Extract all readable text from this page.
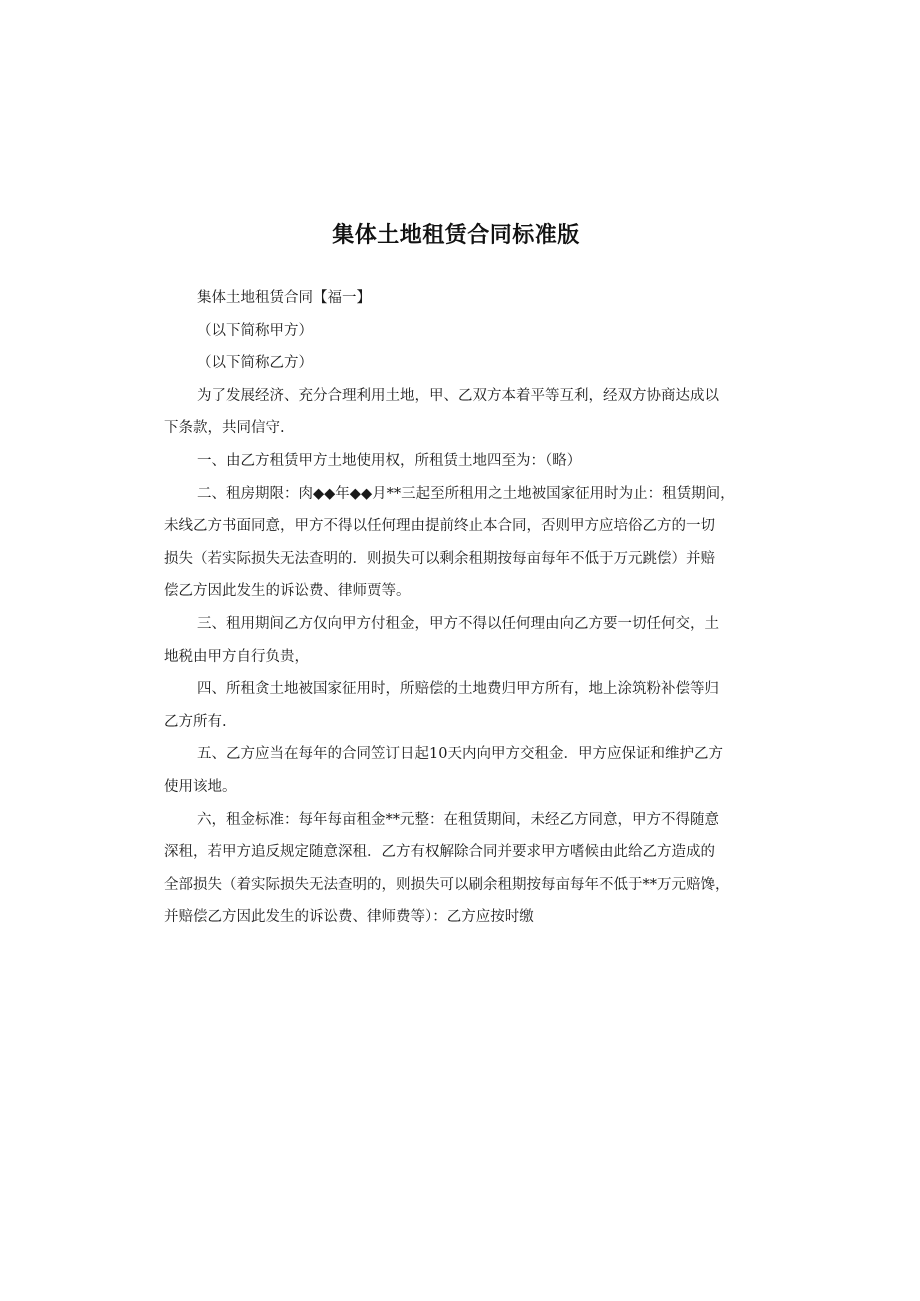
集体土地租赁合同标准版
集体土地租赁合同【福一】
（以下简称甲方）
（以下简称乙方）
为了发展经济、充分合理利用土地，甲、乙双方本着平等互利，经双方协商达成以
下条款，共同信守.
一、由乙方租赁甲方土地使用权，所租赁土地四至为：（略）
二、租房期限：肉◆◆年◆◆月**三起至所租用之土地被国家征用时为止：租赁期间，
未线乙方书面同意，甲方不得以任何理由提前终止本合同，否则甲方应培俗乙方的一切
损失（若实际损失无法查明的．则损失可以剩余租期按每亩每年不低于万元跳偿）并赔
偿乙方因此发生的诉讼费、律师贾等。
三、租用期间乙方仅向甲方付租金，甲方不得以任何理由向乙方要一切任何交，土
地税由甲方自行负贵，
四、所租贪土地被国家征用时，所赔偿的土地费归甲方所有，地上涂筑粉补偿等归
乙方所有.
五、乙方应当在每年的合同笠订日起10天内向甲方交租金．甲方应保证和维护乙方
使用该地。
六，租金标准：每年每亩租金**元整：在租赁期间，未经乙方同意，甲方不得随意
深租，若甲方追反规定随意深租．乙方有权解除合同并要求甲方嗜候由此给乙方造成的
全部损失（着实际损失无法查明的，则损失可以刷余租期按每亩每年不低于**万元赔馋，
并赔偿乙方因此发生的诉讼费、律师费等）：乙方应按时缴
